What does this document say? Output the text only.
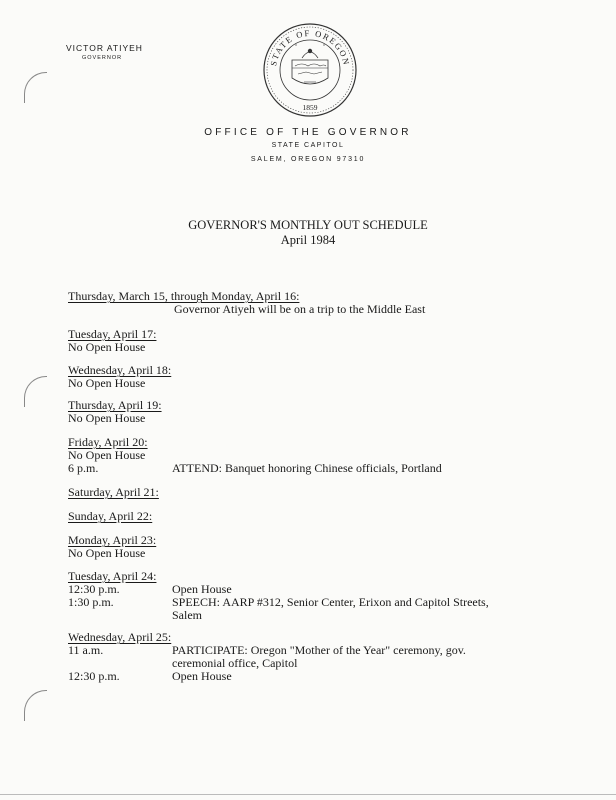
VICTOR ATIYEH
GOVERNOR
STATE OF OREGON
1859
OFFICE OF THE GOVERNOR
STATE CAPITOL
SALEM, OREGON 97310
GOVERNOR'S MONTHLY OUT SCHEDULE
April 1984
Thursday, March 15, through Monday, April 16:
Governor Atiyeh will be on a trip to the Middle East
Tuesday, April 17:
No Open House
Wednesday, April 18:
No Open House
Thursday, April 19:
No Open House
Friday, April 20:
No Open House
6 p.m.	ATTEND: Banquet honoring Chinese officials, Portland
Saturday, April 21:
Sunday, April 22:
Monday, April 23:
No Open House
Tuesday, April 24:
12:30 p.m.	Open House
1:30 p.m.	SPEECH: AARP #312, Senior Center, Erixon and Capitol Streets,
Salem
Wednesday, April 25:
11 a.m.	PARTICIPATE: Oregon "Mother of the Year" ceremony, gov.
ceremonial office, Capitol
12:30 p.m.	Open House
